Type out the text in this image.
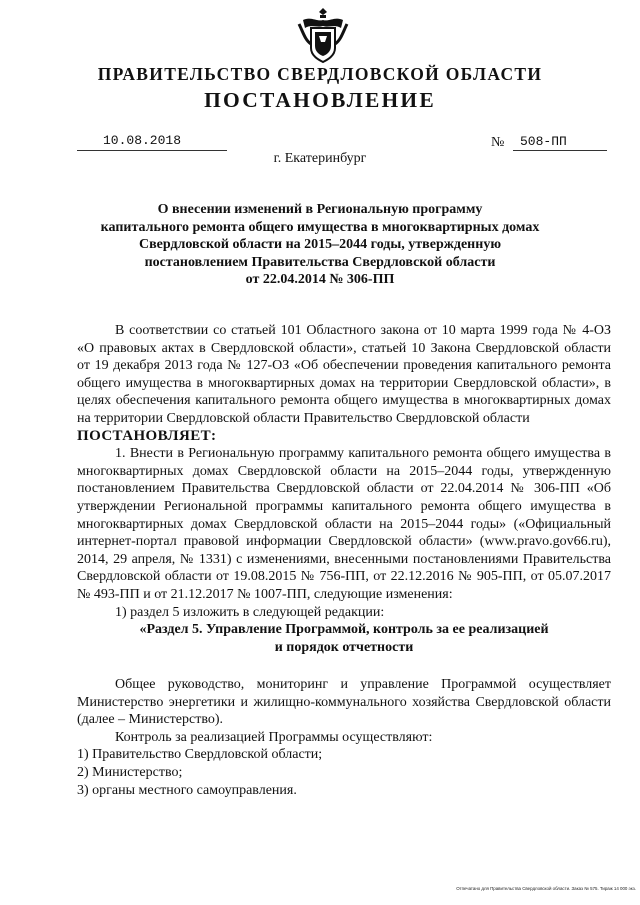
ПРАВИТЕЛЬСТВО СВЕРДЛОВСКОЙ ОБЛАСТИ
ПОСТАНОВЛЕНИЕ
10.08.2018	№ 508-ПП
г. Екатеринбург
О внесении изменений в Региональную программу
капитального ремонта общего имущества в многоквартирных домах
Свердловской области на 2015–2044 годы, утвержденную
постановлением Правительства Свердловской области
от 22.04.2014 № 306-ПП

В соответствии со статьей 101 Областного закона от 10 марта 1999 года № 4-ОЗ «О правовых актах в Свердловской области», статьей 10 Закона Свердловской области от 19 декабря 2013 года № 127-ОЗ «Об обеспечении проведения капитального ремонта общего имущества в многоквартирных домах на территории Свердловской области», в целях обеспечения капитального ремонта общего имущества в многоквартирных домах на территории Свердловской области Правительство Свердловской области

ПОСТАНОВЛЯЕТ:

1. Внести в Региональную программу капитального ремонта общего имущества в многоквартирных домах Свердловской области на 2015–2044 годы, утвержденную постановлением Правительства Свердловской области от 22.04.2014 № 306-ПП «Об утверждении Региональной программы капитального ремонта общего имущества в многоквартирных домах Свердловской области на 2015–2044 годы» («Официальный интернет-портал правовой информации Свердловской области» (www.pravo.gov66.ru), 2014, 29 апреля, № 1331) с изменениями, внесенными постановлениями Правительства Свердловской области от 19.08.2015 № 756-ПП, от 22.12.2016 № 905-ПП, от 05.07.2017 № 493-ПП и от 21.12.2017 № 1007-ПП, следующие изменения:

1) раздел 5 изложить в следующей редакции:

«Раздел 5. Управление Программой, контроль за ее реализацией

и порядок отчетности

Общее руководство, мониторинг и управление Программой осуществляет Министерство энергетики и жилищно-коммунального хозяйства Свердловской области (далее – Министерство).

Контроль за реализацией Программы осуществляют:

1) Правительство Свердловской области;

2) Министерство;

3) органы местного самоуправления.

Отпечатано для Правительства Свердловской области. Заказ № 575. Тираж 14 000 экз.
